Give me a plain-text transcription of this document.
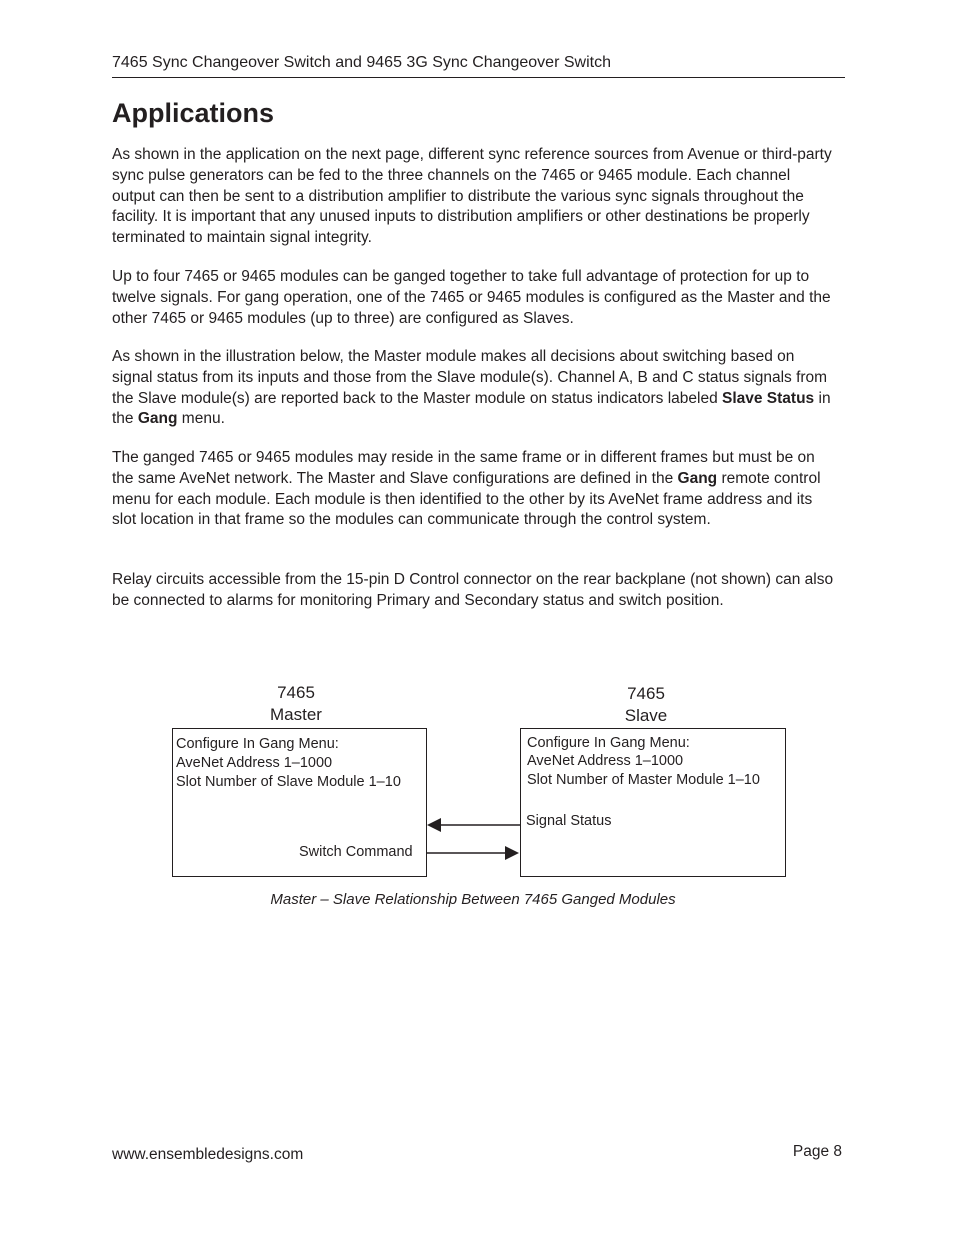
7465 Sync Changeover Switch and 9465 3G Sync Changeover Switch
Applications

As shown in the application on the next page, different sync reference sources from Avenue or third-party sync pulse generators can be fed to the three channels on the 7465 or 9465 module. Each channel output can then be sent to a distribution amplifier to distribute the various sync signals throughout the facility. It is important that any unused inputs to distribution amplifiers or other destinations be properly terminated to maintain signal integrity.

Up to four 7465 or 9465 modules can be ganged together to take full advantage of protection for up to twelve signals. For gang operation, one of the 7465 or 9465 modules is configured as the Master and the other 7465 or 9465 modules (up to three) are configured as Slaves.

As shown in the illustration below, the Master module makes all decisions about switching based on signal status from its inputs and those from the Slave module(s). Channel A, B and C status signals from the Slave module(s) are reported back to the Master module on status indicators labeled Slave Status in the Gang menu.

The ganged 7465 or 9465 modules may reside in the same frame or in different frames but must be on the same AveNet network. The Master and Slave configurations are defined in the Gang remote control menu for each module. Each module is then identified to the other by its AveNet frame address and its slot location in that frame so the modules can communicate through the control system.

Relay circuits accessible from the 15-pin D Control connector on the rear backplane (not shown) can also be connected to alarms for monitoring Primary and Secondary status and switch position.

7465
Master
7465
Slave
Configure In Gang Menu:
AveNet Address 1–1000
Slot Number of Slave Module 1–10
Configure In Gang Menu:
AveNet Address 1–1000
Slot Number of Master Module 1–10
Signal Status
Switch Command
Master – Slave Relationship Between 7465 Ganged Modules
www.ensembledesigns.com	Page 8
